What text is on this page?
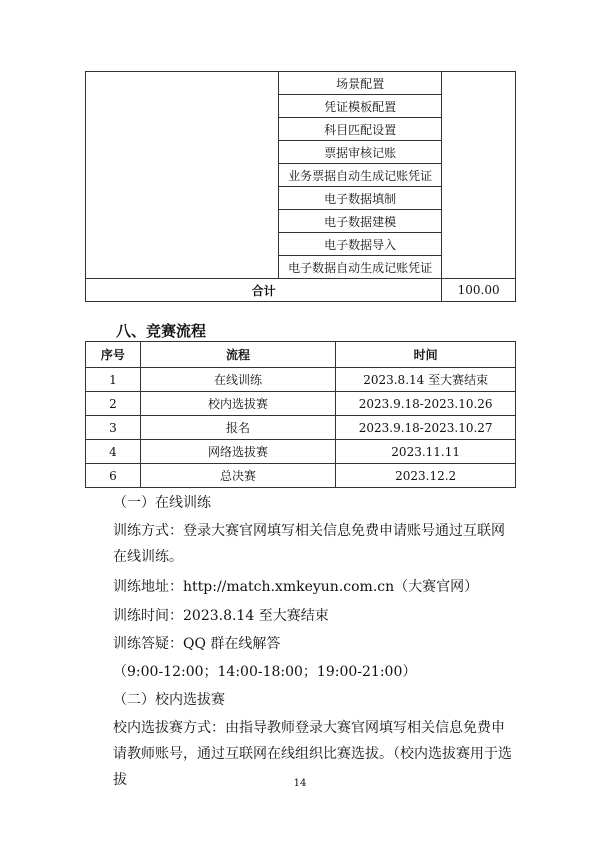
	场景配置	
	凭证模板配置	
	科目匹配设置	
	票据审核记账	
	业务票据自动生成记账凭证	
	电子数据填制	
	电子数据建模	
	电子数据导入	
	电子数据自动生成记账凭证	
合计		100.00
八、竞赛流程
序号	流程	时间
1	在线训练	2023.8.14 至大赛结束
2	校内选拔赛	2023.9.18-2023.10.26
3	报名	2023.9.18-2023.10.27
4	网络选拔赛	2023.11.11
6	总决赛	2023.12.2

（一）在线训练

训练方式：登录大赛官网填写相关信息免费申请账号通过互联网在线训练。

训练地址：http://match.xmkeyun.com.cn（大赛官网）

训练时间：2023.8.14 至大赛结束

训练答疑：QQ 群在线解答

（9:00-12:00；14:00-18:00；19:00-21:00）

（二）校内选拔赛

校内选拔赛方式：由指导教师登录大赛官网填写相关信息免费申请教师账号，通过互联网在线组织比赛选拔。（校内选拔赛用于选拔	14
